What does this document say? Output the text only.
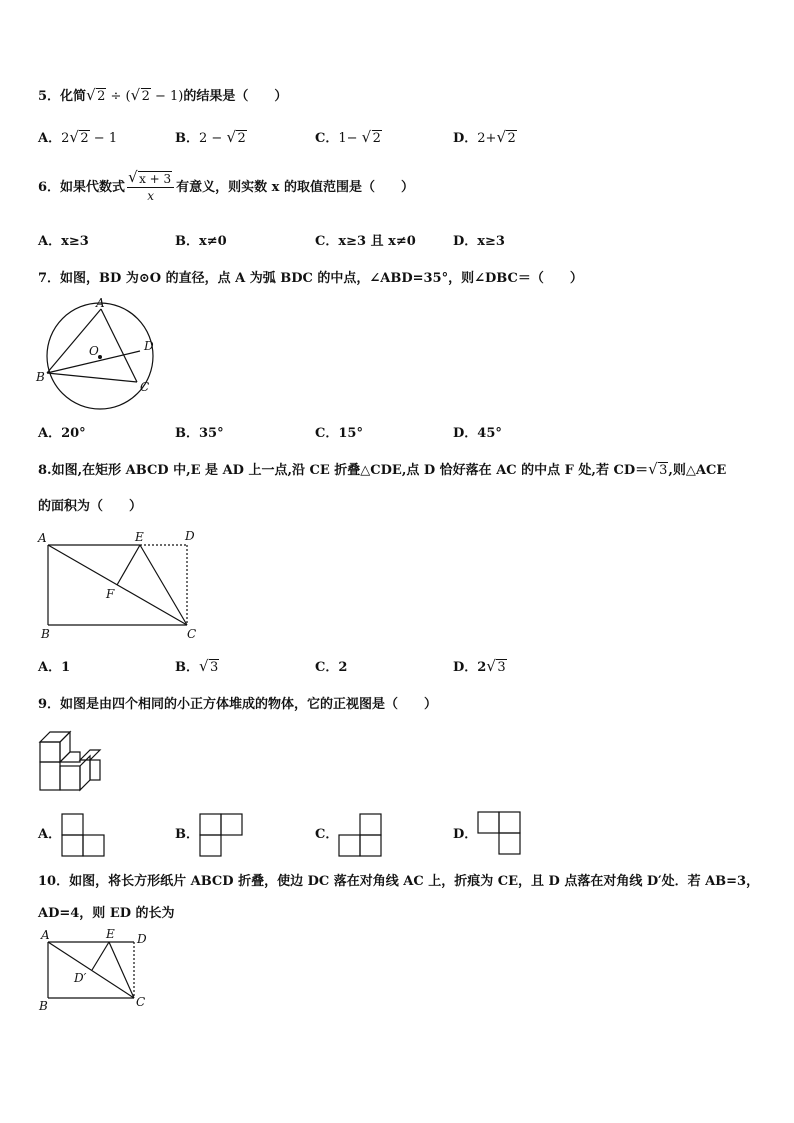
5．化简 √ 2 ÷ ( √ 2 − 1)的结果是（　　）
A．2 √ 2 − 1	B．2 − √ 2	C．1− √ 2	D．2+ √ 2
6．如果代数式 √ $\frac{x + 3}{x}$ 有意义，则实数 x 的取值范围是（　　）
A．x≥3	B．x≠0	C．x≥3 且 x≠0	D．x≥3
7．如图，BD 为⊙O 的直径，点 A 为弧 BDC 的中点，∠ABD=35°，则∠DBC＝（　　）
A
O	D
B
C
A．20°	B．35°	C．15°	D．45°
8.如图,在矩形 ABCD 中,E 是 AD 上一点,沿 CE 折叠△CDE,点 D 恰好落在 AC 的中点 F 处,若 CD＝ √ 3,则△ACE
的面积为（　　）
A	E	D
F
B	C
A．1	B． √ 3	C．2	D．2 √ 3
9．如图是由四个相同的小正方体堆成的物体，它的正视图是（　　）
A．	B．	C．	D．
10．如图，将长方形纸片 ABCD 折叠，使边 DC 落在对角线 AC 上，折痕为 CE，且 D 点落在对角线 D′处．若 AB=3，
AD=4，则 ED 的长为
A	E D
D′
B	C
